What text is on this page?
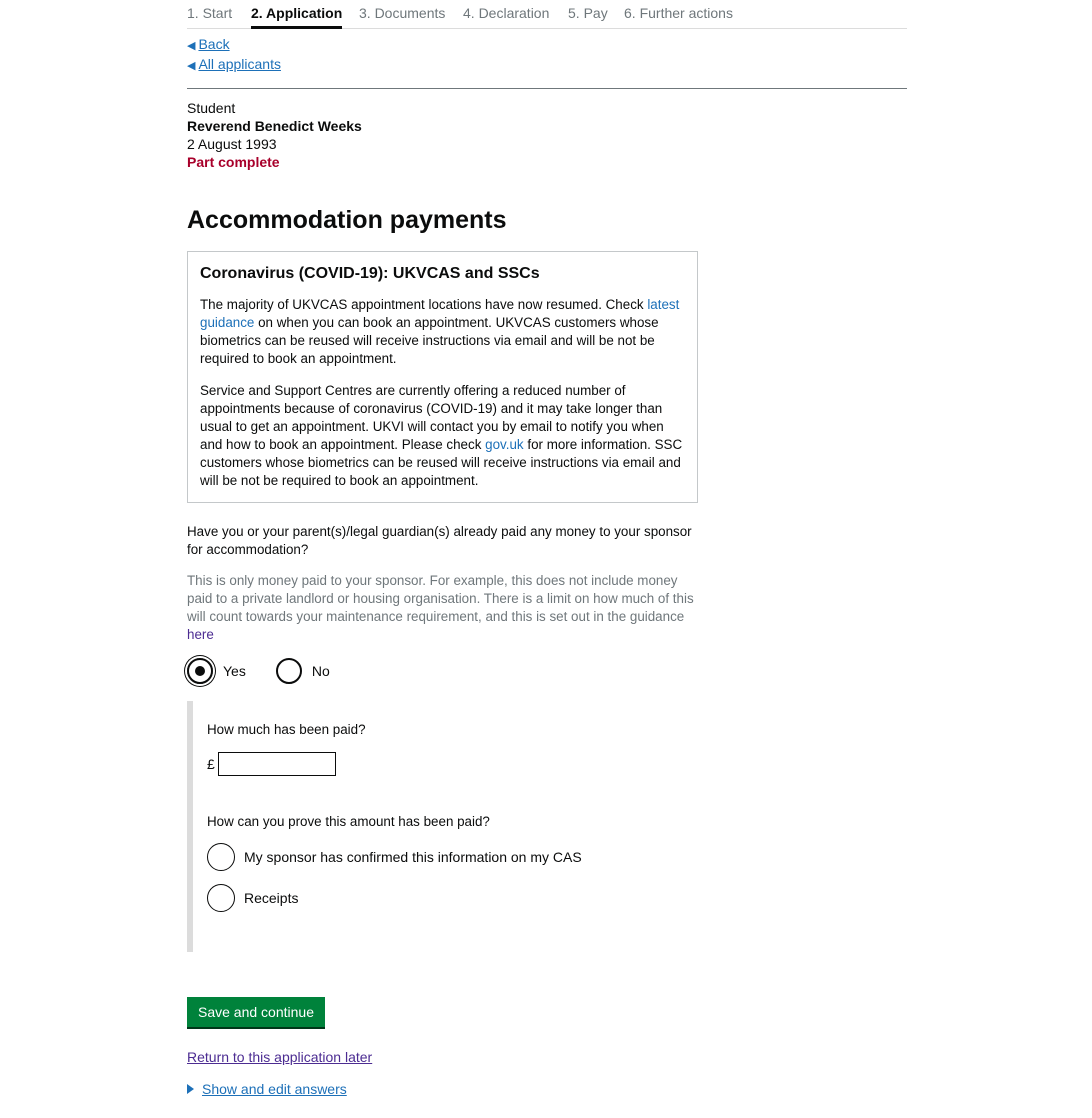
1. Start 2. Application 3. Documents 4. Declaration 5. Pay 6. Further actions
◀ Back
◀ All applicants
Student
Reverend Benedict Weeks
2 August 1993
Part complete
Accommodation payments
Coronavirus (COVID-19): UKVCAS and SSCs

The majority of UKVCAS appointment locations have now resumed. Check latest guidance on when you can book an appointment. UKVCAS customers whose biometrics can be reused will receive instructions via email and will be not be required to book an appointment.

Service and Support Centres are currently offering a reduced number of appointments because of coronavirus (COVID-19) and it may take longer than usual to get an appointment. UKVI will contact you by email to notify you when and how to book an appointment. Please check gov.uk for more information. SSC customers whose biometrics can be reused will receive instructions via email and will be not be required to book an appointment.

Have you or your parent(s)/legal guardian(s) already paid any money to your sponsor for accommodation?
This is only money paid to your sponsor. For example, this does not include money paid to a private landlord or housing organisation. There is a limit on how much of this will count towards your maintenance requirement, and this is set out in the guidance here
Yes	No
How much has been paid?
£
How can you prove this amount has been paid?
My sponsor has confirmed this information on my CAS
Receipts
Save and continue
Return to this application later
Show and edit answers
